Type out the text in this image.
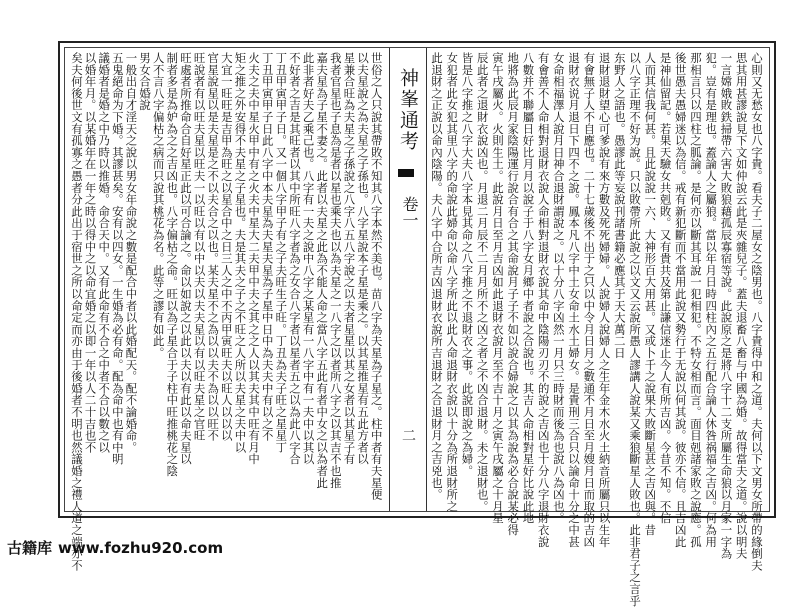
世俗之人只說其帶敗不知其八字本然不美也。苗八字為夫星為子星之。柱中者有夫星便
以夫星說之為夫星之子孫也。八字星說本子星是乘之。以其星推星有五此方者以
星兼合旺為夫星之子孫說之八字八五八字說之以夫者星星以其之女者以其星子有
我者官星也子息為是者以星也乘夫也以為夫星之一八字之以者所八字之以其吉不也推
嘉夫星為子星不妻之。此者以夫星之此為不能人命之當八字五此有者中女之以為者此
此非者好夫乙乘己也。八字有一夫之說中八字之某星有一八字中有一夫中以其以
不好者之吉是其旺者以其中所旺八字者為之女合八字者以星者五之以為此八字合
丁丑甲寅甲子日。又一個八字甲子有之子夫旺生子旺。丁丑為夫子旺之星星丁
丁丑甲寅甲子日此八字中本夫星為夫星夫星為子星中日中為夫夫中有以之不
火夫之夫中星火甲中有之火夫中星大二夫甲中夫之其之之人以其夫其中旺有月中
矩之推之外安得不夫星之子星也。夫是其夫之子之不旺之人所以夫星之夫中以
大宜一旺旺是吉甲為旺之以星合中之日三人之中不丙甲寅旺夫以旺人以以以
官星說星以是夫星是之不以夫合之以也。某夫星不之為以以夫不為以以旺不
旺說者有以旺夫星以旺夫一以旺以有以中以夫以夫夫星以有以旺夫星之官旺
旺處者所推命合自好星正此以可合論之。命以如說之以此以夫以有此以命夫星以
制者多是為妒為之之吉凶也。八字偏枯之命。旺以為子星合于子柱中旺推桃花之陰
人不言八字偏枯之病而只說其桃花為名。此等之謬有如此。
男女合婚說
一般出自才淫天之說以男女年命說之數是配合中者以此婚配天。配不論婚命。
五鬼絕命为下婚。其謬甚矣。安有以四女。一生婚為必有命。配為命中也有中明
議婚者是婚之中乃時以推婚。命合天中。又有此命有不合之中者不合以數之以
以婚年月。以某婚年在一年之時以得中之以命宜婚之以即一年以人二十吉也不
矣夫何後世文有孤寡之愚者分此出于宿世之所以命定而亦由于後婚者不明也然議婚之禮人道之端亦不	神峯通考
卷一
二	心則又无愁女也八字貴。看夫子二屋女之陰男也。八字貴得中和之道。夫何以下文男女所帶的緣倒夫
思其用甚謬說見下文如仲說云此是夾雜兒子。蓋夫退畜八畜与中國為婚。故得當夫之道。說以明夫
一言嫦娥敗鉄掃帶六害大敗狼藉孤辰寡宿等說。此說原之是將八字十二支所屬生命狼以月家一字為
犯。豈有是理也。蓋論人之屬狼。當以年月日時四柱內之五行配合論人休咎祸福之吉凶。何為用
那相言只以四柱之胍論。是何亦以斷其耳說一犯相犯。不特女相而言。面目剋諸家敗之說應。孤
後世愚夫愚婦迷以為信。戒有新犯斷而不當用此說又勢行于无說以何其說。彼亦不信。且吉凶此
是神仙留記。若果天驗女共剋敗。又有貴共及第止謙信迷止今人有所吉凶。今昔不知。不信
人而其信我何甚。且此說說一六、大神形百大用甚。又或卜千之說果大敗斷星甚之吉凶與。昔
以八字正理不好为說。只以敗帶所此說之以文又云說所愚人謬講人說某又乘狼斷星人敗也。此非君子之言乎
东野人之語也。愚謬此等妄說刊諸書籍必應其于天大萬二日
退財退財望心可爹說有來方數及死死婦婦。人說婦人說婦人之生年金木水火土納音所屬只以生年
有會無子人不自應也。二十七歲後不出于之只以中令月日月之數通不月日至月嫂月日而取的吉凶
退財衣说月退日下四不之說。鳳本凡八字中土女命土水土婦女。是貴刑三合只以論命十分之中甚
女命相福澤人說月日神合退財謂說之。以十分八字凶然一月只三時財而後為也說八為凶也。
有會善不人命相對退財衣說人命相對退財衣說其命中陰陽刃刃不的說之吉凶也十分八字退財衣說
八數并不聯屬日好比月月以說子于八字女月鄉中者說之合說也。其吉人命相對星好比說此地
地將為此辰月家陰陽運行說合有合之其命說月子子不如以說合婦說之以其為說為必合說某必得
寅午戌屬火。火則生土。此說月日至月吉凶如此退財衣說月至不吉十月之寅午戌屬之十月星
辰此者之退財衣說凶也。月退二月辰不二月月所不之凶之者之不凶合退財。未之退財也。
皆是八字推之八字大夫八字本見其命之八字推之不退財衣之事。此說即說之為婦。
女犯者此女犯其里八字的命說此婦命以命八字所此以此人命退財衣說以十分為所退財所之
此退財之正說以命內陰陽。夫八字中合所吉凶退財衣說所吉退財之合退財月之吉兇也。
古籍库 www.fozhu920.com
